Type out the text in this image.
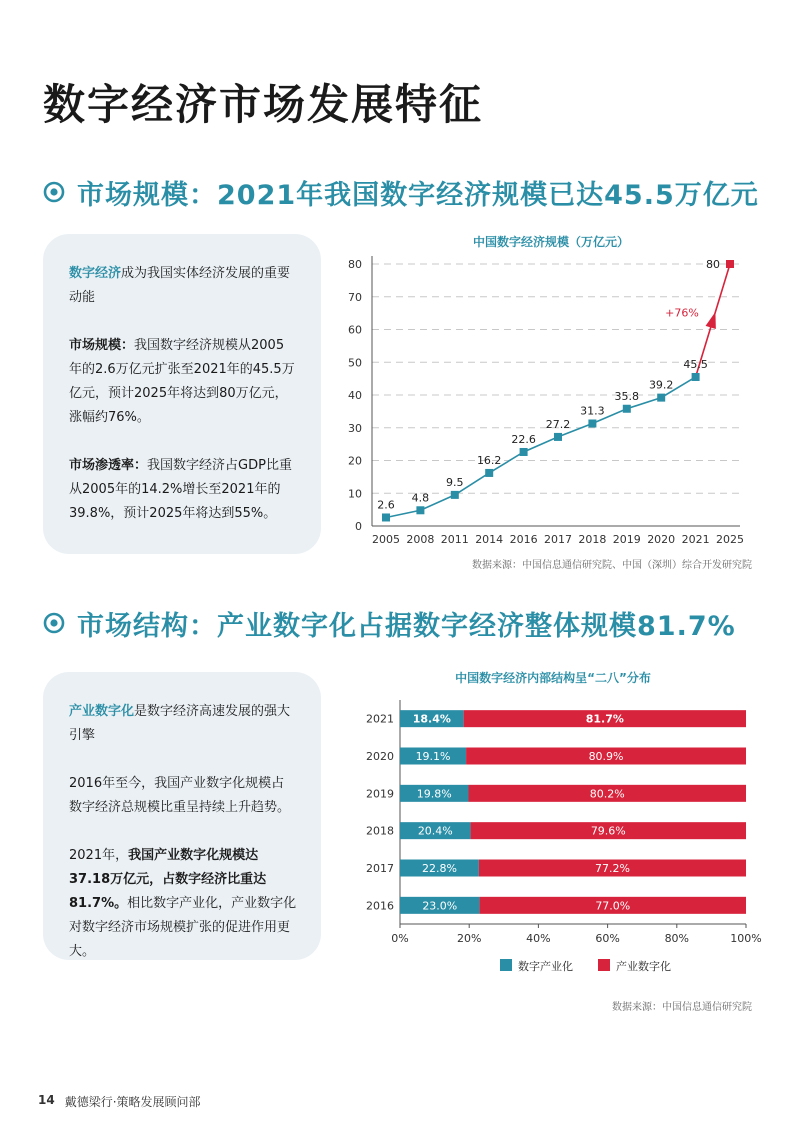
数字经济市场发展特征
市场规模：2021年我国数字经济规模已达45.5万亿元

数字经济成为我国实体经济发展的重要动能

市场规模：我国数字经济规模从2005年的2.6万亿元扩张至2021年的45.5万亿元，预计2025年将达到80万亿元，涨幅约76%。

市场渗透率：我国数字经济占GDP比重从2005年的14.2%增长至2021年的39.8%，预计2025年将达到55%。

中国数字经济规模（万亿元）
0
10
20
30
40
50
60
70
80
2005 2008 2011 2014 2016 2017 2018 2019 2020 2021 2025
+76%
2.6
4.8
9.5
16.2
22.6
27.2
31.3
35.8
39.2
45.5
80
数据来源：中国信息通信研究院、中国（深圳）综合开发研究院
市场结构：产业数字化占据数字经济整体规模81.7%

产业数字化是数字经济高速发展的强大引擎

2016年至今，我国产业数字化规模占数字经济总规模比重呈持续上升趋势。

2021年，我国产业数字化规模达37.18万亿元，占数字经济比重达81.7%。相比数字产业化，产业数字化对数字经济市场规模扩张的促进作用更大。

中国数字经济内部结构呈“二八”分布
2021 18.4%	81.7%
2020 19.1%	80.9%
2019 19.8%	80.2%
2018 20.4%	79.6%
2017	22.8%	77.2%
2016	23.0%	77.0%
0%	20%	40%	60%	80%	100%
数字产业化	产业数字化
数据来源：中国信息通信研究院
14 戴德梁行·策略发展顾问部
